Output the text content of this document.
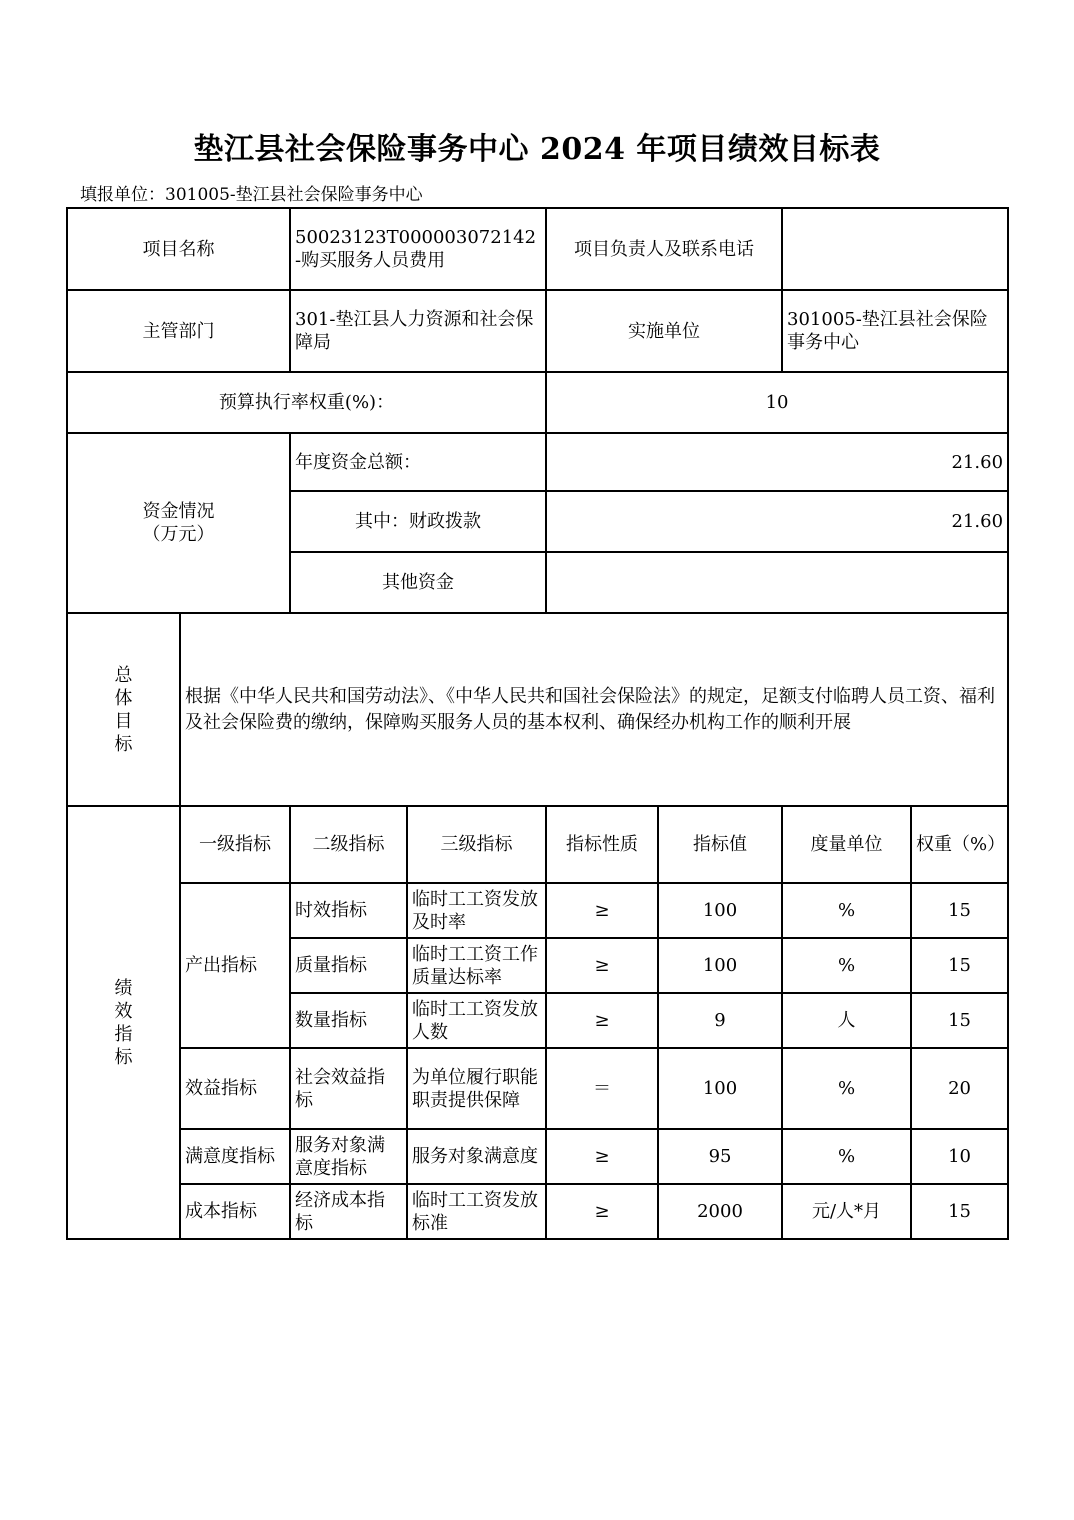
垫江县社会保险事务中心 2024 年项目绩效目标表
填报单位：301005-垫江县社会保险事务中心
项目名称		50023123T000003072142-购买服务人员费用		项目负责人及联系电话			
主管部门		301-垫江县人力资源和社会保障局		实施单位		301005-垫江县社会保险事务中心	
预算执行率权重(%)：				10			

资金情况
（万元）		年度资金总额：		21.60			
		其中：财政拨款		21.60			
		其他资金					

总
体
目
标	根据《中华人民共和国劳动法》、《中华人民共和国社会保险法》的规定，足额支付临聘人员工资、福利及社会保险费的缴纳，保障购买服务人员的基本权利、确保经办机构工作的顺利开展						

绩
效
指
标	一级指标	二级指标	三级指标	指标性质	指标值	度量单位	权重（%）
	产出指标	时效指标	临时工工资发放及时率	≥	100	%	15
		质量指标	临时工工资工作质量达标率	≥	100	%	15
		数量指标	临时工工资发放人数	≥	9	人	15
	效益指标	社会效益指标	为单位履行职能职责提供保障	＝	100	%	20
	满意度指标	服务对象满意度指标	服务对象满意度	≥	95	%	10
	成本指标	经济成本指标	临时工工资发放标准	≥	2000	元/人*月	15
